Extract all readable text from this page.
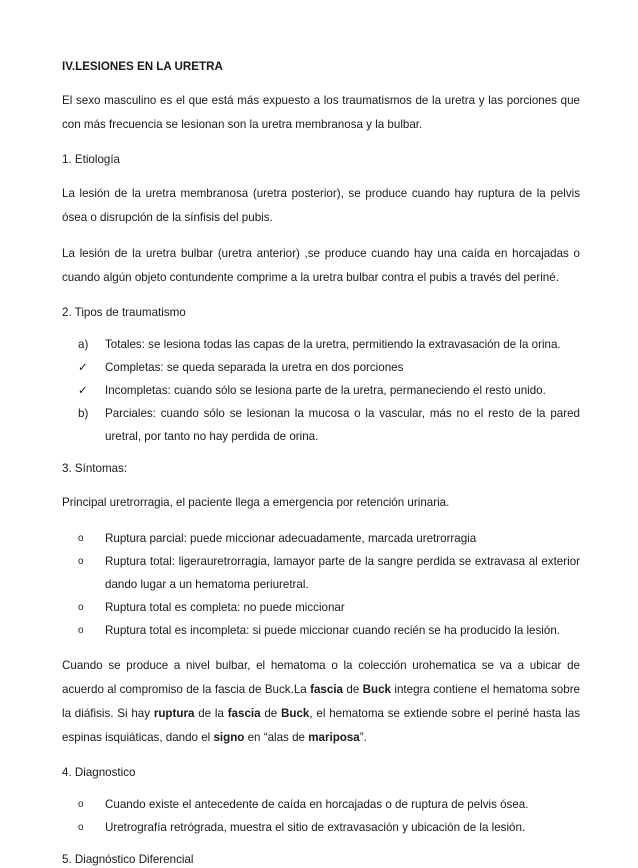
IV.LESIONES EN LA URETRA

El sexo masculino es el que está más expuesto a los traumatismos de la uretra y las porciones que con más frecuencia se lesionan son la uretra membranosa y la bulbar.

1. Etiología

La lesión de la uretra membranosa (uretra posterior), se produce cuando hay ruptura de la pelvis ósea o disrupción de la sínfisis del pubis.

La lesión de la uretra bulbar (uretra anterior) ,se produce cuando hay una caída en horcajadas o cuando algún objeto contundente comprime a la uretra bulbar contra el pubis a través del periné.

2. Tipos de traumatismo
a)	Totales: se lesiona todas las capas de la uretra, permitiendo la extravasación de la orina.
✓	Completas: se queda separada la uretra en dos porciones
✓	Incompletas: cuando sólo se lesiona parte de la uretra, permaneciendo el resto unido.
b)	Parciales: cuando sólo se lesionan la mucosa o la vascular, más no el resto de la pared uretral, por tanto no hay perdida de orina.
3. Síntomas:

Principal uretrorragia, el paciente llega a emergencia por retención urinaria.

o	Ruptura parcial: puede miccionar adecuadamente, marcada uretrorragia
o	Ruptura total: ligerauretrorragia, lamayor parte de la sangre perdida se extravasa al exterior dando lugar a un hematoma periuretral.
o	Ruptura total es completa: no puede miccionar
o	Ruptura total es incompleta: si puede miccionar cuando recién se ha producido la lesión.

Cuando se produce a nivel bulbar, el hematoma o la colección urohematica se va a ubicar de acuerdo al compromiso de la fascia de Buck.La fascia de Buck integra contiene el hematoma sobre la diáfisis. Si hay ruptura de la fascia de Buck, el hematoma se extiende sobre el periné hasta las espinas isquiáticas, dando el signo en “alas de mariposa”.

4. Diagnostico
o	Cuando existe el antecedente de caída en horcajadas o de ruptura de pelvis ósea.
o	Uretrografía retrógrada, muestra el sitio de extravasación y ubicación de la lesión.
5. Diagnóstico Diferencial
